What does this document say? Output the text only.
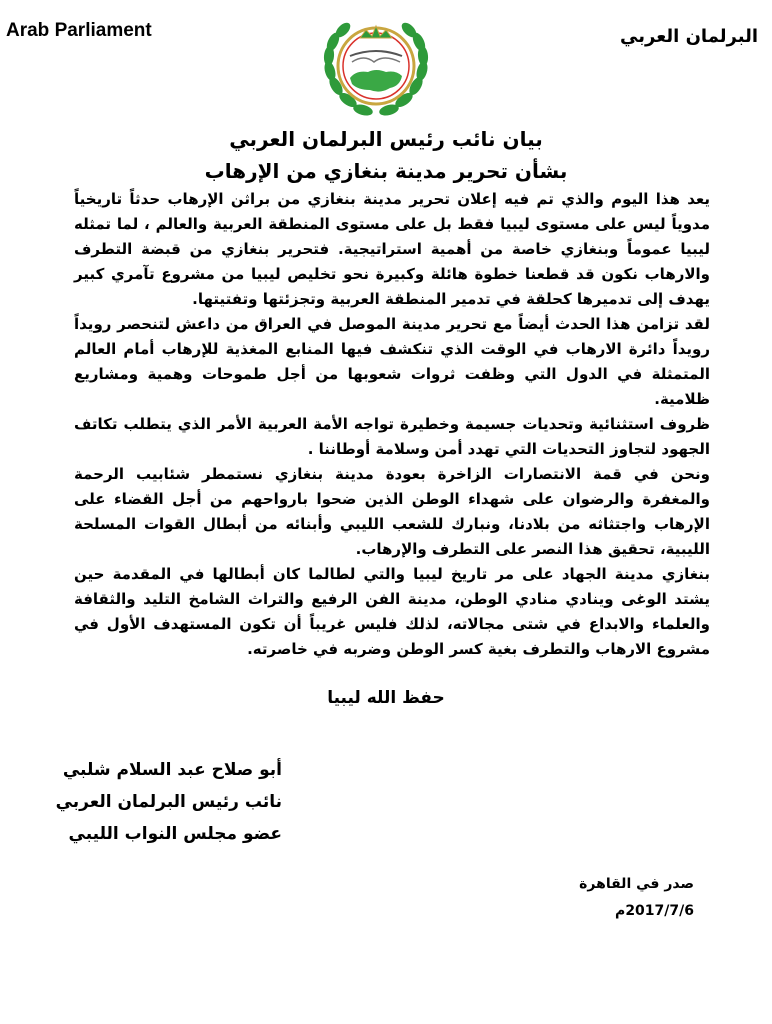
Arab Parliament	البرلمان العربي
بيان نائب رئيس البرلمان العربي
بشأن تحرير مدينة بنغازي من الإرهاب

يعد هذا اليوم والذي تم فيه إعلان تحرير مدينة بنغازي من براثن الإرهاب حدثاً تاريخياً مدوياً ليس على مستوى ليبيا فقط بل على مستوى المنطقة العربية والعالم ، لما تمثله ليبيا عموماً وبنغازي خاصة من أهمية استراتيجية. فتحرير بنغازي من قبضة التطرف والارهاب نكون قد قطعنا خطوة هائلة وكبيرة نحو تخليص ليبيا من مشروع تآمري كبير يهدف إلى تدميرها كحلقة في تدمير المنطقة العربية وتجزئتها وتفتيتها.

لقد تزامن هذا الحدث أيضاً مع تحرير مدينة الموصل في العراق من داعش لتنحصر رويداً رويداً دائرة الارهاب في الوقت الذي تنكشف فيها المنابع المغذية للإرهاب أمام العالم المتمثلة في الدول التي وظفت ثروات شعوبها من أجل طموحات وهمية ومشاريع ظلامية.

ظروف استثنائية وتحديات جسيمة وخطيرة تواجه الأمة العربية الأمر الذي يتطلب تكاتف الجهود لتجاوز التحديات التي تهدد أمن وسلامة أوطاننا .

ونحن في قمة الانتصارات الزاخرة بعودة مدينة بنغازي نستمطر شئابيب الرحمة والمغفرة والرضوان على شهداء الوطن الذين ضحوا بارواحهم من أجل القضاء على الإرهاب واجتثاثه من بلادنا، ونبارك للشعب الليبي وأبنائه من أبطال القوات المسلحة الليبية، تحقيق هذا النصر على التطرف والإرهاب.

بنغازي مدينة الجهاد على مر تاريخ ليبيا والتي لطالما كان أبطالها في المقدمة حين يشتد الوغى وينادي منادي الوطن، مدينة الفن الرفيع والتراث الشامخ التليد والثقافة والعلماء والابداع في شتى مجالاته، لذلك فليس غريباً أن تكون المستهدف الأول في مشروع الارهاب والتطرف بغية كسر الوطن وضربه في خاصرته.

حفظ الله ليبيا
أبو صلاح عبد السلام شلبي
نائب رئيس البرلمان العربي
عضو مجلس النواب الليبي
صدر في القاهرة
2017/7/6م
